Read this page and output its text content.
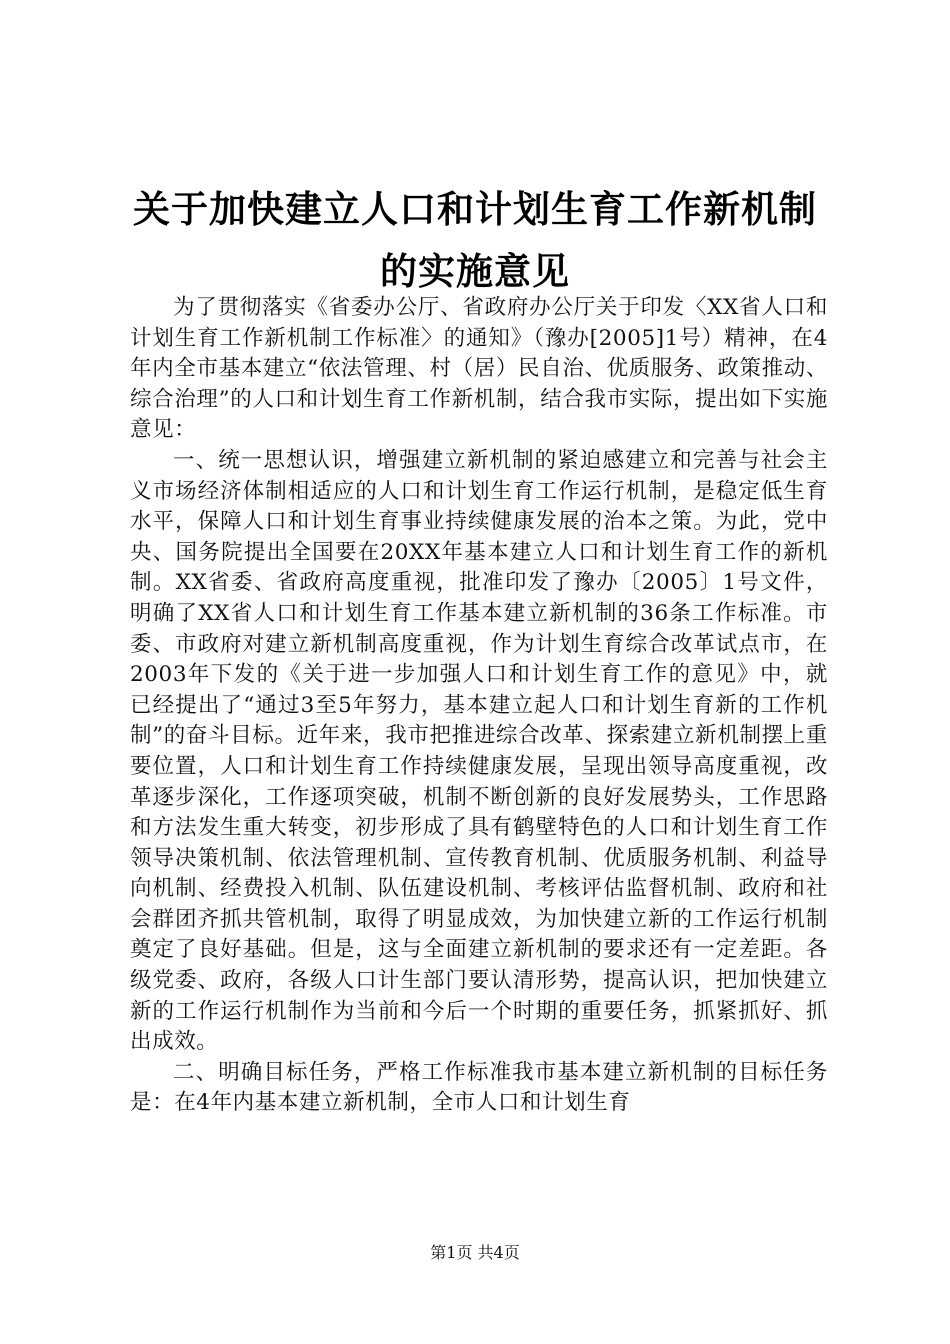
关于加快建立人口和计划生育工作新机制的实施意见

为了贯彻落实《省委办公厅、省政府办公厅关于印发〈XX省人口和计划生育工作新机制工作标准〉的通知》（豫办[2005]1号）精神，在4年内全市基本建立“依法管理、村（居）民自治、优质服务、政策推动、综合治理”的人口和计划生育工作新机制，结合我市实际，提出如下实施意见：

一、统一思想认识，增强建立新机制的紧迫感建立和完善与社会主义市场经济体制相适应的人口和计划生育工作运行机制，是稳定低生育水平，保障人口和计划生育事业持续健康发展的治本之策。为此，党中央、国务院提出全国要在20XX年基本建立人口和计划生育工作的新机制。XX省委、省政府高度重视，批准印发了豫办〔2005〕1号文件，明确了XX省人口和计划生育工作基本建立新机制的36条工作标准。市委、市政府对建立新机制高度重视，作为计划生育综合改革试点市，在2003年下发的《关于进一步加强人口和计划生育工作的意见》中，就已经提出了“通过3至5年努力，基本建立起人口和计划生育新的工作机制”的奋斗目标。近年来，我市把推进综合改革、探索建立新机制摆上重要位置，人口和计划生育工作持续健康发展，呈现出领导高度重视，改革逐步深化，工作逐项突破，机制不断创新的良好发展势头，工作思路和方法发生重大转变，初步形成了具有鹤壁特色的人口和计划生育工作领导决策机制、依法管理机制、宣传教育机制、优质服务机制、利益导向机制、经费投入机制、队伍建设机制、考核评估监督机制、政府和社会群团齐抓共管机制，取得了明显成效，为加快建立新的工作运行机制奠定了良好基础。但是，这与全面建立新机制的要求还有一定差距。各级党委、政府，各级人口计生部门要认清形势，提高认识，把加快建立新的工作运行机制作为当前和今后一个时期的重要任务，抓紧抓好、抓出成效。

二、明确目标任务，严格工作标准我市基本建立新机制的目标任务是：在4年内基本建立新机制，全市人口和计划生育

第1页 共4页
